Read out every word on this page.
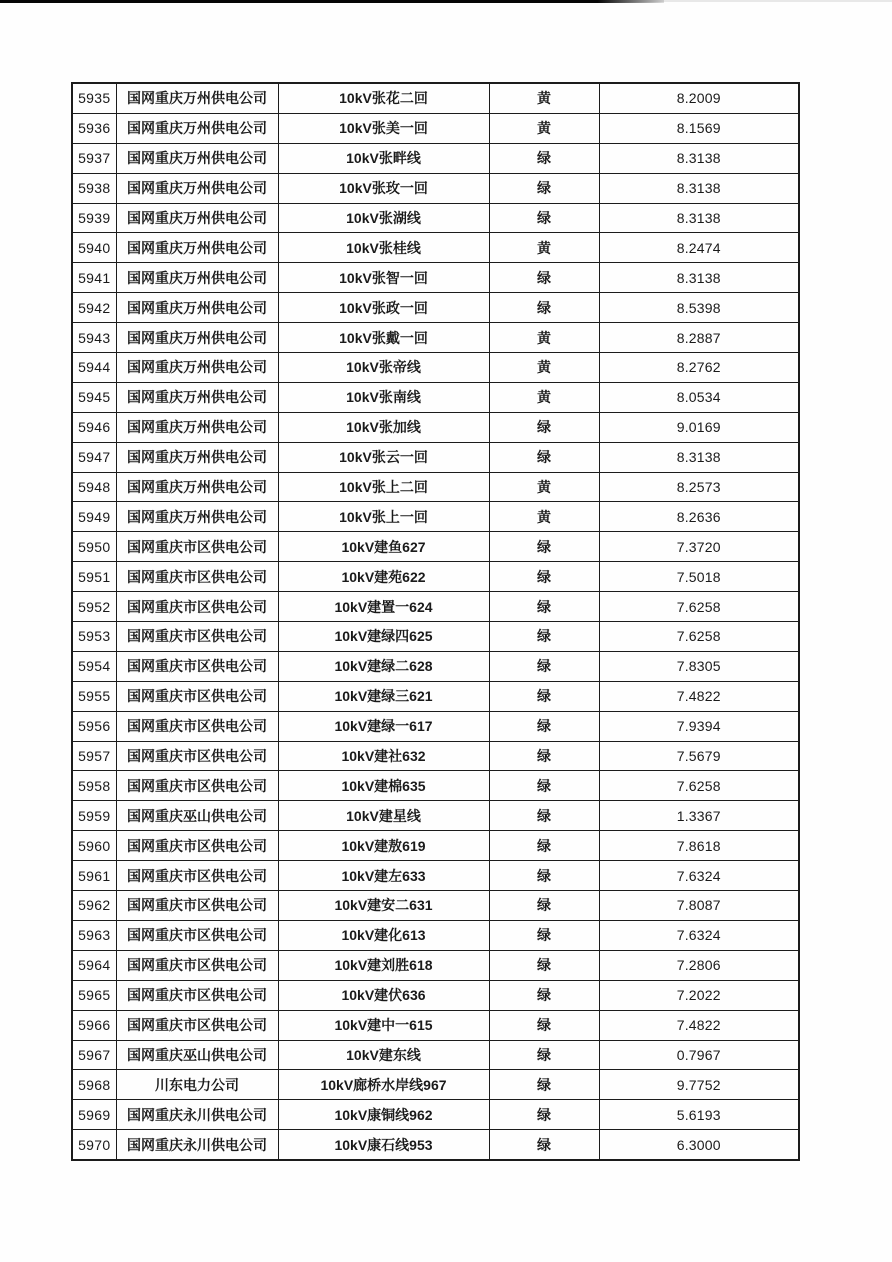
5935	国网重庆万州供电公司	10kV张花二回	黄	8.2009
5936	国网重庆万州供电公司	10kV张美一回	黄	8.1569
5937	国网重庆万州供电公司	10kV张畔线	绿	8.3138
5938	国网重庆万州供电公司	10kV张玫一回	绿	8.3138
5939	国网重庆万州供电公司	10kV张湖线	绿	8.3138
5940	国网重庆万州供电公司	10kV张桂线	黄	8.2474
5941	国网重庆万州供电公司	10kV张智一回	绿	8.3138
5942	国网重庆万州供电公司	10kV张政一回	绿	8.5398
5943	国网重庆万州供电公司	10kV张戴一回	黄	8.2887
5944	国网重庆万州供电公司	10kV张帝线	黄	8.2762
5945	国网重庆万州供电公司	10kV张南线	黄	8.0534
5946	国网重庆万州供电公司	10kV张加线	绿	9.0169
5947	国网重庆万州供电公司	10kV张云一回	绿	8.3138
5948	国网重庆万州供电公司	10kV张上二回	黄	8.2573
5949	国网重庆万州供电公司	10kV张上一回	黄	8.2636
5950	国网重庆市区供电公司	10kV建鱼627	绿	7.3720
5951	国网重庆市区供电公司	10kV建苑622	绿	7.5018
5952	国网重庆市区供电公司	10kV建置一624	绿	7.6258
5953	国网重庆市区供电公司	10kV建绿四625	绿	7.6258
5954	国网重庆市区供电公司	10kV建绿二628	绿	7.8305
5955	国网重庆市区供电公司	10kV建绿三621	绿	7.4822
5956	国网重庆市区供电公司	10kV建绿一617	绿	7.9394
5957	国网重庆市区供电公司	10kV建社632	绿	7.5679
5958	国网重庆市区供电公司	10kV建棉635	绿	7.6258
5959	国网重庆巫山供电公司	10kV建星线	绿	1.3367
5960	国网重庆市区供电公司	10kV建敖619	绿	7.8618
5961	国网重庆市区供电公司	10kV建左633	绿	7.6324
5962	国网重庆市区供电公司	10kV建安二631	绿	7.8087
5963	国网重庆市区供电公司	10kV建化613	绿	7.6324
5964	国网重庆市区供电公司	10kV建刘胜618	绿	7.2806
5965	国网重庆市区供电公司	10kV建伏636	绿	7.2022
5966	国网重庆市区供电公司	10kV建中一615	绿	7.4822
5967	国网重庆巫山供电公司	10kV建东线	绿	0.7967
5968	川东电力公司	10kV廊桥水岸线967	绿	9.7752
5969	国网重庆永川供电公司	10kV康铜线962	绿	5.6193
5970	国网重庆永川供电公司	10kV康石线953	绿	6.3000
